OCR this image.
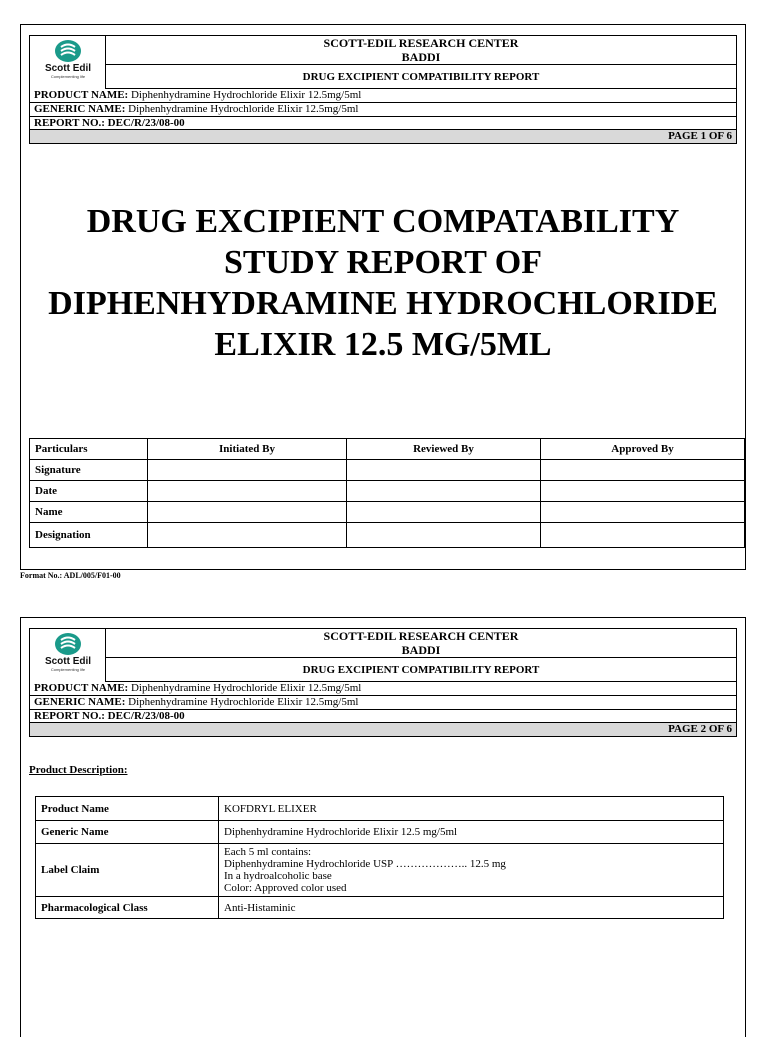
Scott Edil
Complementing life
SCOTT-EDIL RESEARCH CENTER
BADDI
DRUG EXCIPIENT COMPATIBILITY REPORT
PRODUCT NAME: Diphenhydramine Hydrochloride Elixir 12.5mg/5ml
GENERIC NAME: Diphenhydramine Hydrochloride Elixir 12.5mg/5ml
REPORT NO.: DEC/R/23/08-00
PAGE 1 OF 6
DRUG EXCIPIENT COMPATABILITY
STUDY REPORT OF
DIPHENHYDRAMINE HYDROCHLORIDE
ELIXIR 12.5 MG/5ML
Particulars	Initiated By	Reviewed By	Approved By
Signature			
Date			
Name			
Designation			
Format No.: ADL/005/F01-00
Scott Edil
Complementing life
SCOTT-EDIL RESEARCH CENTER
BADDI
DRUG EXCIPIENT COMPATIBILITY REPORT
PRODUCT NAME: Diphenhydramine Hydrochloride Elixir 12.5mg/5ml
GENERIC NAME: Diphenhydramine Hydrochloride Elixir 12.5mg/5ml
REPORT NO.: DEC/R/23/08-00
PAGE 2 OF 6
Product Description:
Product Name	KOFDRYL ELIXER
Generic Name	Diphenhydramine Hydrochloride Elixir 12.5 mg/5ml
Label Claim	Each 5 ml contains:
Diphenhydramine Hydrochloride USP ……………….. 12.5 mg
In a hydroalcoholic base
Color: Approved color used
Pharmacological Class	Anti-Histaminic
